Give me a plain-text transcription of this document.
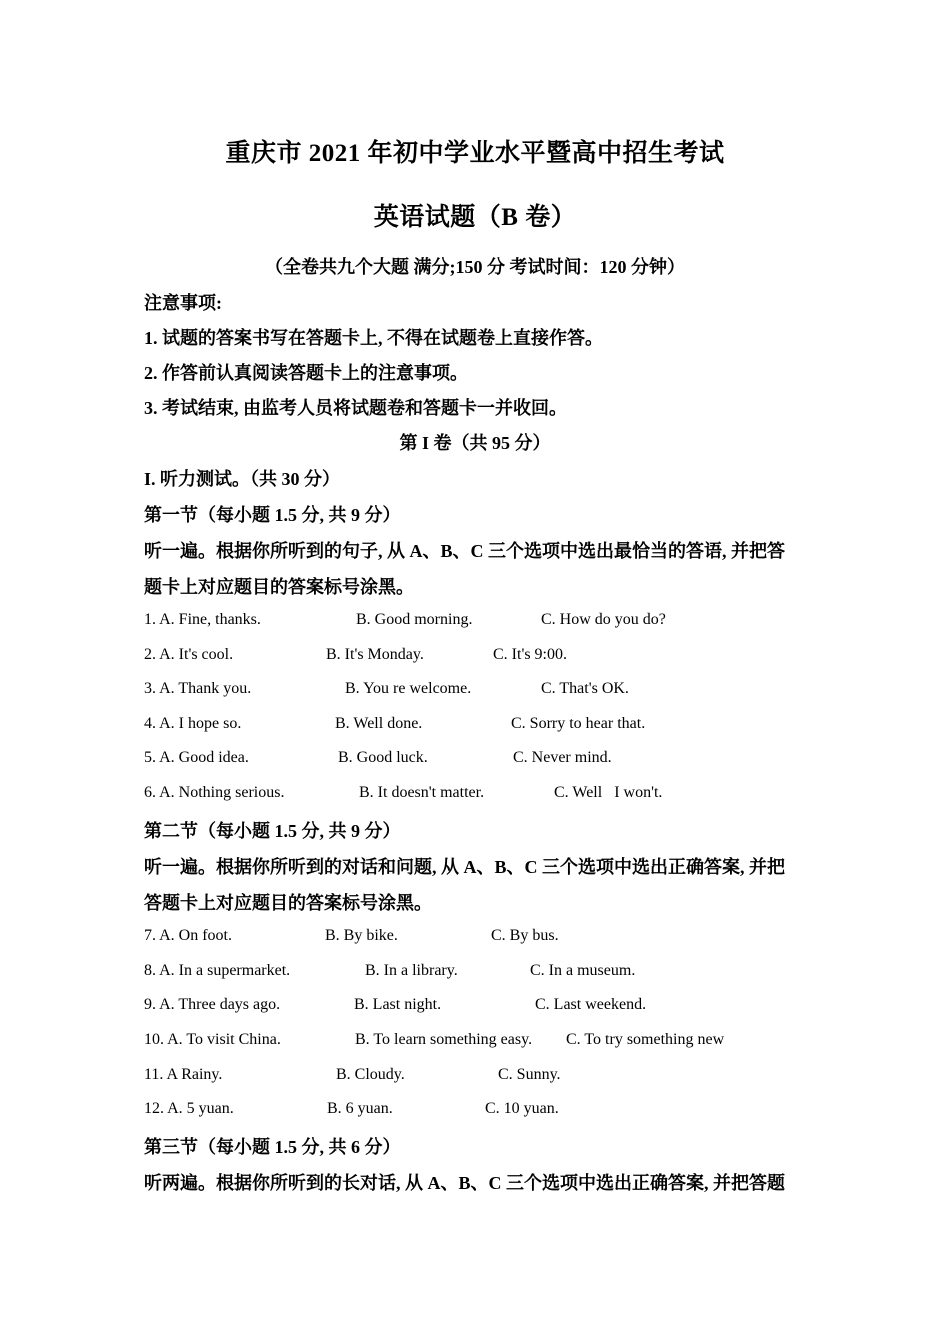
重庆市 2021 年初中学业水平暨高中招生考试
英语试题（B 卷）
（全卷共九个大题 满分;150 分 考试时间：120 分钟）
注意事项:
1. 试题的答案书写在答题卡上, 不得在试题卷上直接作答。
2. 作答前认真阅读答题卡上的注意事项。
3. 考试结束, 由监考人员将试题卷和答题卡一并收回。
第 I 卷（共 95 分）
I. 听力测试。（共 30 分）
第一节（每小题 1.5 分, 共 9 分）
听一遍。根据你所听到的句子, 从 A、B、C 三个选项中选出最恰当的答语, 并把答
题卡上对应题目的答案标号涂黑。
1. A. Fine, thanks.	B. Good morning.	C. How do you do?
2. A. It's cool.	B. It's Monday.	C. It's 9:00.
3. A. Thank you.	B. You re welcome.	C. That's OK.
4. A. I hope so.	B. Well done.	C. Sorry to hear that.
5. A. Good idea.	B. Good luck.	C. Never mind.
6. A. Nothing serious.	B. It doesn't matter.	C. Well   I won't.
第二节（每小题 1.5 分, 共 9 分）
听一遍。根据你所听到的对话和问题, 从 A、B、C 三个选项中选出正确答案, 并把
答题卡上对应题目的答案标号涂黑。
7. A. On foot.	B. By bike.	C. By bus.
8. A. In a supermarket.	B. In a library.	C. In a museum.
9. A. Three days ago.	B. Last night.	C. Last weekend.
10. A. To visit China.	B. To learn something easy. C. To try something new
11. A Rainy.	B. Cloudy.	C. Sunny.
12. A. 5 yuan.	B. 6 yuan.	C. 10 yuan.
第三节（每小题 1.5 分, 共 6 分）
听两遍。根据你所听到的长对话, 从 A、B、C 三个选项中选出正确答案, 并把答题
